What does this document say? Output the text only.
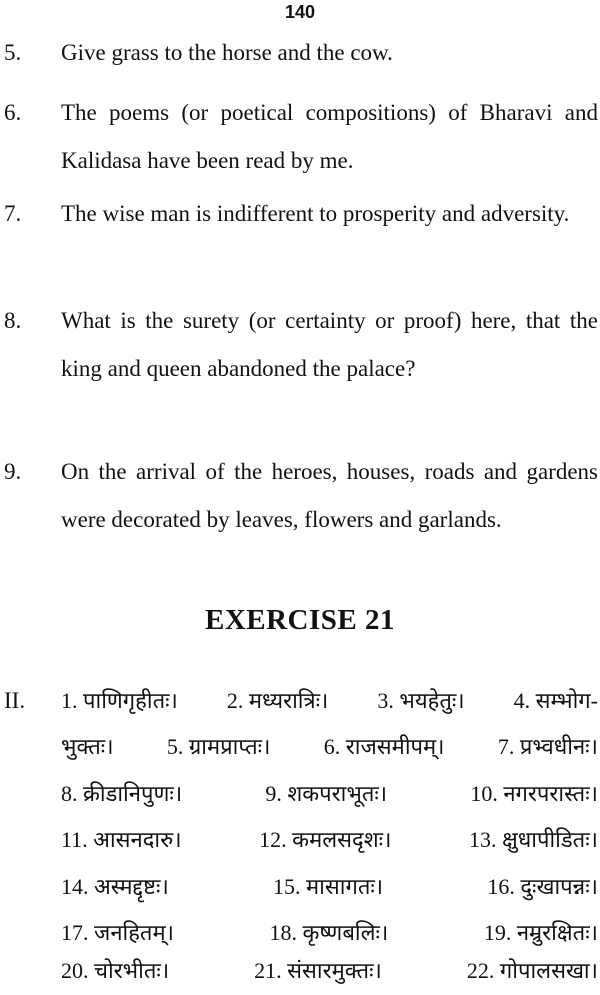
140
5. Give grass to the horse and the cow.
6. The poems (or poetical compositions) of Bharavi and Kalidasa have been read by me.
7. The wise man is indifferent to prosperity and adversity.
8. What is the surety (or certainty or proof) here, that the king and queen abandoned the palace?
9. On the arrival of the heroes, houses, roads and gardens were decorated by leaves, flowers and garlands.
EXERCISE 21
II. 1. पाणिगृहीतः। 2. मध्यरात्रिः। 3. भयहेतुः। 4. सम्भोग-
भुक्तः। 5. ग्रामप्राप्तः। 6. राजसमीपम्। 7. प्रभ्वधीनः।
8. क्रीडानिपुणः।	9. शकपराभूतः।	10. नगरपरास्तः।
11. आसनदारु।	12. कमलसदृशः।	13. क्षुधापीडितः।
14. अस्मद्दृष्टः।	15. मासागतः।	16. दुःखापन्नः।
17. जनहितम्।	18. कृष्णबलिः।	19. नम्रुरक्षितः।
20. चोरभीतः।	21. संसारमुक्तः।	22. गोपालसखा।
